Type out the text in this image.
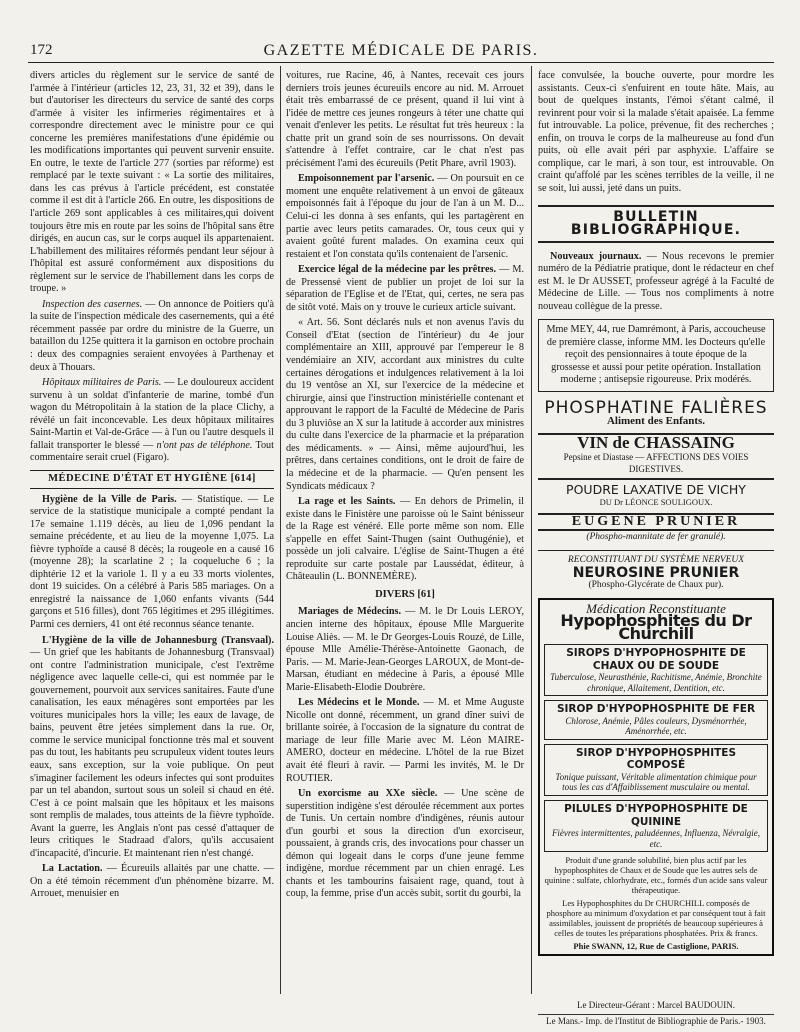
172	GAZETTE MÉDICALE DE PARIS.

divers articles du règlement sur le service de santé de l'armée à l'intérieur (articles 12, 23, 31, 32 et 39), dans le but d'autoriser les directeurs du service de santé des corps d'armée à visiter les infirmeries régimentaires et à correspondre directement avec le ministre pour ce qui concerne les premières manifestations d'une épidémie ou les modifications importantes qui peuvent survenir ensuite. En outre, le texte de l'article 277 (sorties par réforme) est remplacé par le texte suivant : « La sortie des militaires, dans les cas prévus à l'article précédent, est constatée comme il est dit à l'article 266. En outre, les dispositions de l'article 269 sont applicables à ces militaires,qui doivent toujours être mis en route par les soins de l'hôpital sans être dirigés, en aucun cas, sur le corps auquel ils appartenaient. L'habillement des militaires réformés pendant leur séjour à l'hôpital est assuré conformément aux dispositions du règlement sur le service de l'habillement dans les corps de troupe. »

Inspection des casernes. — On annonce de Poitiers qu'à la suite de l'inspection médicale des casernements, qui a été récemment passée par ordre du ministre de la Guerre, un bataillon du 125e quittera it la garnison en octobre prochain : deux des compagnies seraient envoyées à Parthenay et deux à Thouars.

Hôpitaux militaires de Paris. — Le douloureux accident survenu à un soldat d'infanterie de marine, tombé d'un wagon du Métropolitain à la station de la place Clichy, a révélé un fait inconcevable. Les deux hôpitaux militaires Saint-Martin et Val-de-Grâce — à l'un ou l'autre desquels il fallait transporter le blessé — n'ont pas de téléphone. Tout commentaire serait cruel (Figaro).

MÉDECINE D'ÉTAT ET HYGIÈNE [614]

Hygiène de la Ville de Paris. — Statistique. — Le service de la statistique municipale a compté pendant la 17e semaine 1.119 décès, au lieu de 1,096 pendant la semaine précédente, et au lieu de la moyenne 1,075. La fièvre typhoïde a causé 8 décès; la rougeole en a causé 16 (moyenne 28); la scarlatine 2 ; la coqueluche 6 ; la diphtérie 12 et la variole 1. Il y a eu 33 morts violentes, dont 19 suicides. On a célébré à Paris 585 mariages. On a enregistré la naissance de 1,060 enfants vivants (544 garçons et 516 filles), dont 765 légitimes et 295 illégitimes. Parmi ces derniers, 41 ont été reconnus séance tenante.

L'Hygiène de la ville de Johannesburg (Transvaal). — Un grief que les habitants de Johannesburg (Transvaal) ont contre l'administration municipale, c'est l'extrême négligence avec laquelle celle-ci, qui est nommée par le gouvernement, pourvoit aux services sanitaires. Faute d'une canalisation, les eaux ménagères sont emportées par les voitures municipales hors la ville; les eaux de lavage, de bains, peuvent être jetées simplement dans la rue. Or, comme le service municipal fonctionne très mal et souvent pas du tout, les habitants peu scrupuleux vident toutes leurs eaux, sans exception, sur la voie publique. On peut s'imaginer facilement les odeurs infectes qui sont produites par un tel abandon, surtout sous un soleil si chaud en été. C'est à ce point malsain que les hôpitaux et les maisons sont remplis de malades, tous atteints de la fièvre typhoïde. Avant la guerre, les Anglais n'ont pas cessé d'attaquer de leurs critiques le Stadraad d'alors, qu'ils accusaient d'incapacité, d'incurie. Et maintenant rien n'est changé.

La Lactation. — Écureuils allaités par une chatte. — On a été témoin récemment d'un phénomène bizarre. M. Arrouet, menuisier en

voitures, rue Racine, 46, à Nantes, recevait ces jours derniers trois jeunes écureuils encore au nid. M. Arrouet était très embarrassé de ce présent, quand il lui vint à l'idée de mettre ces jeunes rongeurs à téter une chatte qui venait d'enlever les petits. Le résultat fut très heureux : la chatte prit un grand soin de ses nourrissons. On devait s'attendre à l'effet contraire, car le chat n'est pas précisément l'ami des écureuils (Petit Phare, avril 1903).

Empoisonnement par l'arsenic. — On poursuit en ce moment une enquête relativement à un envoi de gâteaux empoisonnés fait à l'époque du jour de l'an à un M. D... Celui-ci les donna à ses enfants, qui les partagèrent en partie avec leurs petits camarades. Or, tous ceux qui y avaient goûté furent malades. On examina ceux qui restaient et l'on constata qu'ils contenaient de l'arsenic.

Exercice légal de la médecine par les prêtres. — M. de Pressensé vient de publier un projet de loi sur la séparation de l'Eglise et de l'Etat, qui, certes, ne sera pas de sitôt voté. Mais on y trouve le curieux article suivant.

« Art. 56. Sont déclarés nuls et non avenus l'avis du Conseil d'Etat (section de l'intérieur) du 4e jour complémentaire an XIII, approuvé par l'empereur le 8 vendémiaire an XIV, accordant aux ministres du culte certaines dérogations et indulgences relativement à la loi du 19 ventôse an XI, sur l'exercice de la médecine et chirurgie, ainsi que l'instruction ministérielle contenant et approuvant le rapport de la Faculté de Médecine de Paris du 3 pluviôse an X sur la latitude à accorder aux ministres du culte dans l'exercice de la pharmacie et la préparation des médicaments. » — Ainsi, même aujourd'hui, les prêtres, dans certaines conditions, ont le droit de faire de la médecine et de la pharmacie. — Qu'en pensent les Syndicats médicaux ?

La rage et les Saints. — En dehors de Primelin, il existe dans le Finistère une paroisse où le Saint bénisseur de la Rage est vénéré. Elle porte même son nom. Elle s'appelle en effet Saint-Thugen (saint Outhugénie), et possède un joli calvaire. L'église de Saint-Thugen a été reproduite sur carte postale par Laussédat, éditeur, à Châteaulin (L. BONNEMÈRE).

DIVERS [61]

Mariages de Médecins. — M. le Dr Louis LEROY, ancien interne des hôpitaux, épouse Mlle Marguerite Louise Aliès. — M. le Dr Georges-Louis Rouzé, de Lille, épouse Mlle Amélie-Thérèse-Antoinette Gaonach, de Paris. — M. Marie-Jean-Georges LAROUX, de Mont-de-Marsan, étudiant en médecine à Paris, a épousé Mlle Marie-Elisabeth-Elodie Doubrère.

Les Médecins et le Monde. — M. et Mme Auguste Nicolle ont donné, récemment, un grand dîner suivi de brillante soirée, à l'occasion de la signature du contrat de mariage de leur fille Marie avec M. Léon MAIRE-AMERO, docteur en médecine. L'hôtel de la rue Bizet avait été fleuri à ravir. — Parmi les invités, M. le Dr ROUTIER.

Un exorcisme au XXe siècle. — Une scène de superstition indigène s'est déroulée récemment aux portes de Tunis. Un certain nombre d'indigènes, réunis autour d'un gourbi et sous la direction d'un exorciseur, poussaient, à grands cris, des invocations pour chasser un démon qui logeait dans le corps d'une jeune femme indigène, mordue récemment par un chien enragé. Les chants et les tambourins faisaient rage, quand, tout à coup, la femme, prise d'un accès subit, sortit du gourbi, la

face convulsée, la bouche ouverte, pour mordre les assistants. Ceux-ci s'enfuirent en toute hâte. Mais, au bout de quelques instants, l'émoi s'étant calmé, il revinrent pour voir si la malade s'était apaisée. La femme fut introuvable. La police, prévenue, fit des recherches ; enfin, on trouva le corps de la malheureuse au fond d'un puits, où elle avait péri par asphyxie. L'affaire se complique, car le mari, à son tour, est introuvable. On craint qu'affolé par les scènes terribles de la veille, il ne se soit, lui aussi, jeté dans un puits.

BULLETIN BIBLIOGRAPHIQUE.

Nouveaux journaux. — Nous recevons le premier numéro de la Pédiatrie pratique, dont le rédacteur en chef est M. le Dr AUSSET, professeur agrégé à la Faculté de Médecine de Lille. — Tous nos compliments à notre nouveau collègue de la presse.

Mme MEY, 44, rue Damrémont, à Paris, accoucheuse de première classe, informe MM. les Docteurs qu'elle reçoit des pensionnaires à toute époque de la grossesse et aussi pour petite opération. Installation moderne ; antisepsie rigoureuse. Prix modérés.
PHOSPHATINE FALIÈRES
Aliment des Enfants.
VIN de CHASSAING
Pepsine et Diastase — AFFECTIONS DES VOIES DIGESTIVES.
POUDRE LAXATIVE DE VICHY
DU Dr LÉONCE SOULIGOUX.
EUGÈNE PRUNIER
(Phospho-mannitate de fer granulé).
RECONSTITUANT DU SYSTÈME NERVEUX
NEUROSINE PRUNIER
(Phospho-Glycérate de Chaux pur).
Médication Reconstituante
Hypophosphites du Dr Churchill
SIROPS D'HYPOPHOSPHITE DE CHAUX OU DE SOUDE
Tuberculose, Neurasthénie, Rachitisme, Anémie, Bronchite chronique, Allaitement, Dentition, etc.
SIROP D'HYPOPHOSPHITE DE FER
Chlorose, Anémie, Pâles couleurs, Dysménorrhée, Aménorrhée, etc.
SIROP D'HYPOPHOSPHITES COMPOSÉ
Tonique puissant, Véritable alimentation chimique pour tous les cas d'Affaiblissement musculaire ou mental.
PILULES D'HYPOPHOSPHITE DE QUININE
Fièvres intermittentes, paludéennes, Influenza, Névralgie, etc.
Produit d'une grande solubilité, bien plus actif par les hypophosphites de Chaux et de Soude que les autres sels de quinine : sulfate, chlorhydrate, etc., formés d'un acide sans valeur thérapeutique.
Les Hypophosphites du Dr CHURCHILL composés de phosphore au minimum d'oxydation et par conséquent tout à fait assimilables, jouissent de propriétés de beaucoup supérieures à celles de toutes les préparations phosphatées. Prix & francs.
Phie SWANN, 12, Rue de Castiglione, PARIS.
Le Directeur-Gérant : Marcel BAUDOUIN.
Le Mans.- Imp. de l'Institut de Bibliographie de Paris.- 1903.
